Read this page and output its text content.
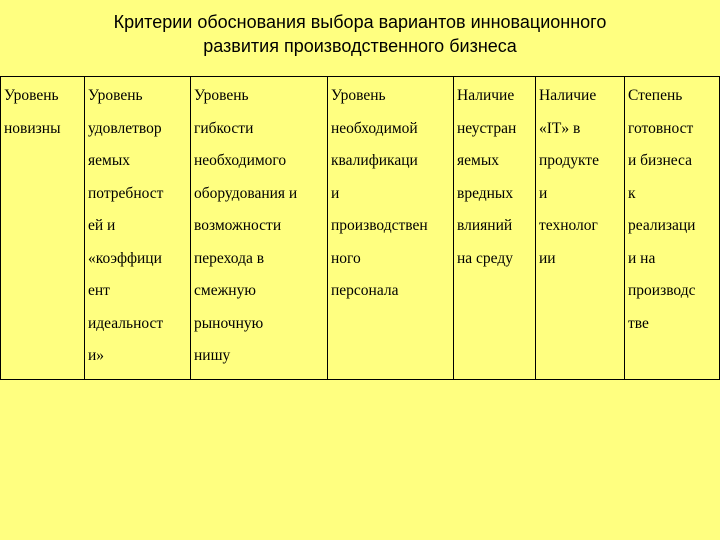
Критерии обоснования выбора вариантов инновационного
развития производственного бизнеса
Уровень
новизны

Уровень
удовлетвор
яемых
потребност
ей и
«коэффици
ент
идеальност
и»

Уровень
гибкости
необходимого
оборудования и
возможности
перехода в
смежную
рыночную
нишу

Уровень
необходимой
квалификаци
и
производствен
ного
персонала

Наличие
неустран
яемых
вредных
влияний
на среду

Наличие
«IT» в
продукте
и
технолог
ии

Степень
готовност
и бизнеса
к
реализаци
и на
производс
тве
